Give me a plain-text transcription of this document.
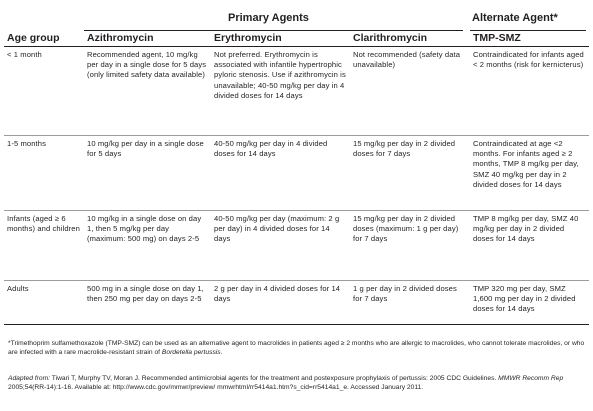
Primary Agents	Alternate Agent*
Age group	Azithromycin	Erythromycin	Clarithromycin	TMP-SMZ
< 1 month	Recommended agent, 10 mg/kg per day in a single dose for 5 days (only limited safety data available)	Not preferred. Erythromycin is associated with infantile hypertrophic pyloric stenosis. Use if azithromycin is unavailable; 40-50 mg/kg per day in 4 divided doses for 14 days	Not recommended (safety data unavailable)	Contraindicated for infants aged < 2 months (risk for kernicterus)
1-5 months	10 mg/kg per day in a single dose for 5 days	40-50 mg/kg per day in 4 divided doses for 14 days	15 mg/kg per day in 2 divided doses for 7 days	Contraindicated at age <2 months. For infants aged ≥ 2 months, TMP 8 mg/kg per day, SMZ 40 mg/kg per day in 2 divided doses for 14 days
Infants (aged ≥ 6 months) and children	10 mg/kg in a single dose on day 1, then 5 mg/kg per day (maximum: 500 mg) on days 2-5	40-50 mg/kg per day (maximum: 2 g per day) in 4 divided doses for 14 days	15 mg/kg per day in 2 divided doses (maximum: 1 g per day) for 7 days	TMP 8 mg/kg per day, SMZ 40 mg/kg per day in 2 divided doses for 14 days
Adults	500 mg in a single dose on day 1, then 250 mg per day on days 2-5	2 g per day in 4 divided doses for 14 days	1 g per day in 2 divided doses for 7 days	TMP 320 mg per day, SMZ 1,600 mg per day in 2 divided doses for 14 days
*Trimethoprim sulfamethoxazole (TMP-SMZ) can be used as an alternative agent to macrolides in patients aged ≥ 2 months who are allergic to macrolides, who cannot tolerate macrolides, or who are infected with a rare macrolide-resistant strain of Bordetella pertussis.
Adapted from: Tiwari T, Murphy TV, Moran J. Recommended antimicrobial agents for the treatment and postexposure prophylaxis of pertussis: 2005 CDC Guidelines. MMWR Recomm Rep 2005;54(RR-14):1-16. Available at: http://www.cdc.gov/mmwr/preview/ mmwrhtml/rr5414a1.htm?s_cid=rr5414a1_e. Accessed January 2011.
